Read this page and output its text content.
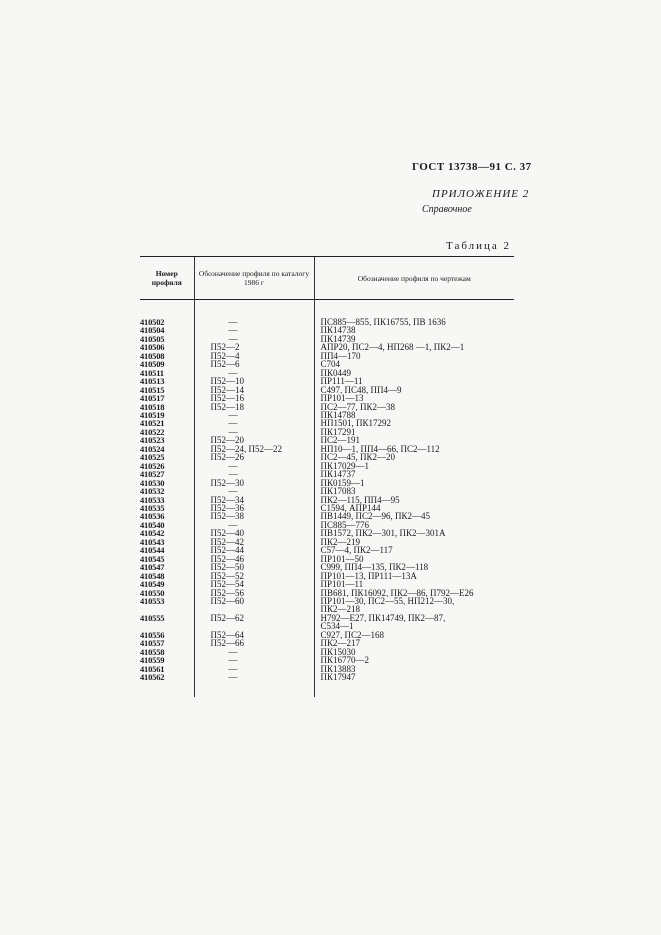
ГОСТ 13738—91 С. 37
ПРИЛОЖЕНИЕ 2
Справочное
Таблица 2
Номер профиля	Обозначение профиля по каталогу 1986 г	Обозначение профиля по чертежам

410502	—	ПС885—855, ПК16755, ПВ 1636
410504	—	ПК14738
410505	—	ПК14739
410506	П52—2	АПР20, ПС2—4, НП268 —1, ПК2—1
410508	П52—4	ПП4—170
410509	П52—6	С704
410511	—	ПК0449
410513	П52—10	ПР111—11
410515	П52—14	С497, ПС48, ПП4—9
410517	П52—16	ПР101—13
410518	П52—18	ПС2—77, ПК2—38
410519	—	ПК14788
410521	—	НП1501, ПК17292
410522	—	ПК17291
410523	П52—20	ПС2—191
410524	П52—24, П52—22	НП10—1, ПП4—66, ПС2—112
410525	П52—26	ПС2—45, ПК2—20
410526	—	ПК17029—1
410527	—	ПК14737
410530	П52—30	ПК0159—1
410532	—	ПК17083
410533	П52—34	ПК2—115, ПП4—95
410535	П52—36	С1594, АПР144
410536	П52—38	ПВ1449, ПС2—96, ПК2—45
410540	—	ПС885—776
410542	П52—40	ПВ1572, ПК2—301, ПК2—301А
410543	П52—42	ПК2—219
410544	П52—44	С57—4, ПК2—117
410545	П52—46	ПР101—50
410547	П52—50	С999, ПП4—135, ПК2—118
410548	П52—52	ПР101—13, ПР111—13А
410549	П52—54	ПР101—11
410550	П52—56	ПВ681, ПК16092, ПК2—86, П792—Е26
410553	П52—60	ПР101—30, ПС2—55, НП212—30,
		ПК2—218
410555	П52—62	Н792—Е27, ПК14749, ПК2—87,
		С534—1
410556	П52—64	С927, ПС2—168
410557	П52—66	ПК2—217
410558	—	ПК15030
410559	—	ПК16770—2
410561	—	ПК13883
410562	—	ПК17947
